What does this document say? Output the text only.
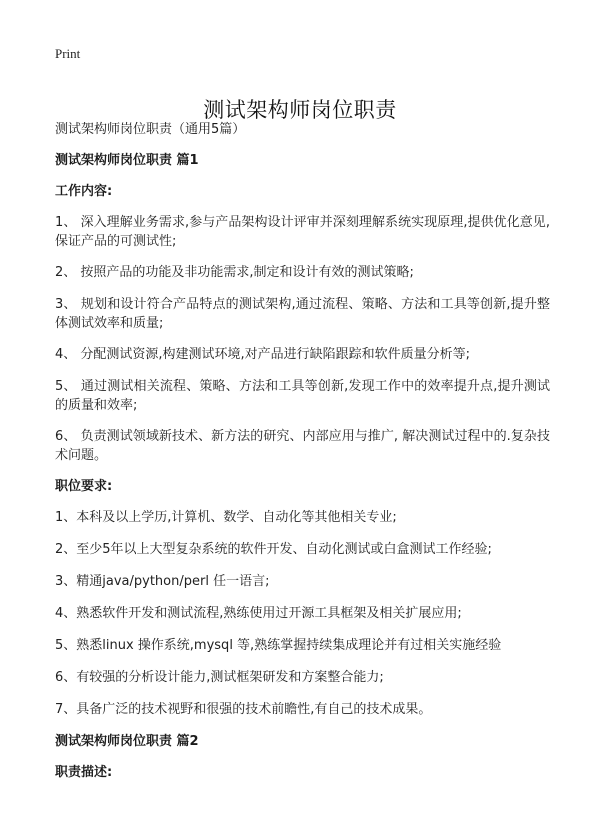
Print
测试架构师岗位职责

测试架构师岗位职责（通用5篇）

测试架构师岗位职责 篇1
工作内容:

1、 深入理解业务需求,参与产品架构设计评审并深刻理解系统实现原理,提供优化意见,保证产品的可测试性;

2、 按照产品的功能及非功能需求,制定和设计有效的测试策略;

3、 规划和设计符合产品特点的测试架构,通过流程、策略、方法和工具等创新,提升整体测试效率和质量;

4、 分配测试资源,构建测试环境,对产品进行缺陷跟踪和软件质量分析等;

5、 通过测试相关流程、策略、方法和工具等创新,发现工作中的效率提升点,提升测试的质量和效率;

6、 负责测试领域新技术、新方法的研究、内部应用与推广, 解决测试过程中的.复杂技术问题。

职位要求:

1、本科及以上学历,计算机、数学、自动化等其他相关专业;

2、至少5年以上大型复杂系统的软件开发、自动化测试或白盒测试工作经验;

3、精通java/python/perl 任一语言;

4、熟悉软件开发和测试流程,熟练使用过开源工具框架及相关扩展应用;

5、熟悉linux 操作系统,mysql 等,熟练掌握持续集成理论并有过相关实施经验

6、有较强的分析设计能力,测试框架研发和方案整合能力;

7、具备广泛的技术视野和很强的技术前瞻性,有自己的技术成果。

测试架构师岗位职责 篇2
职责描述:
